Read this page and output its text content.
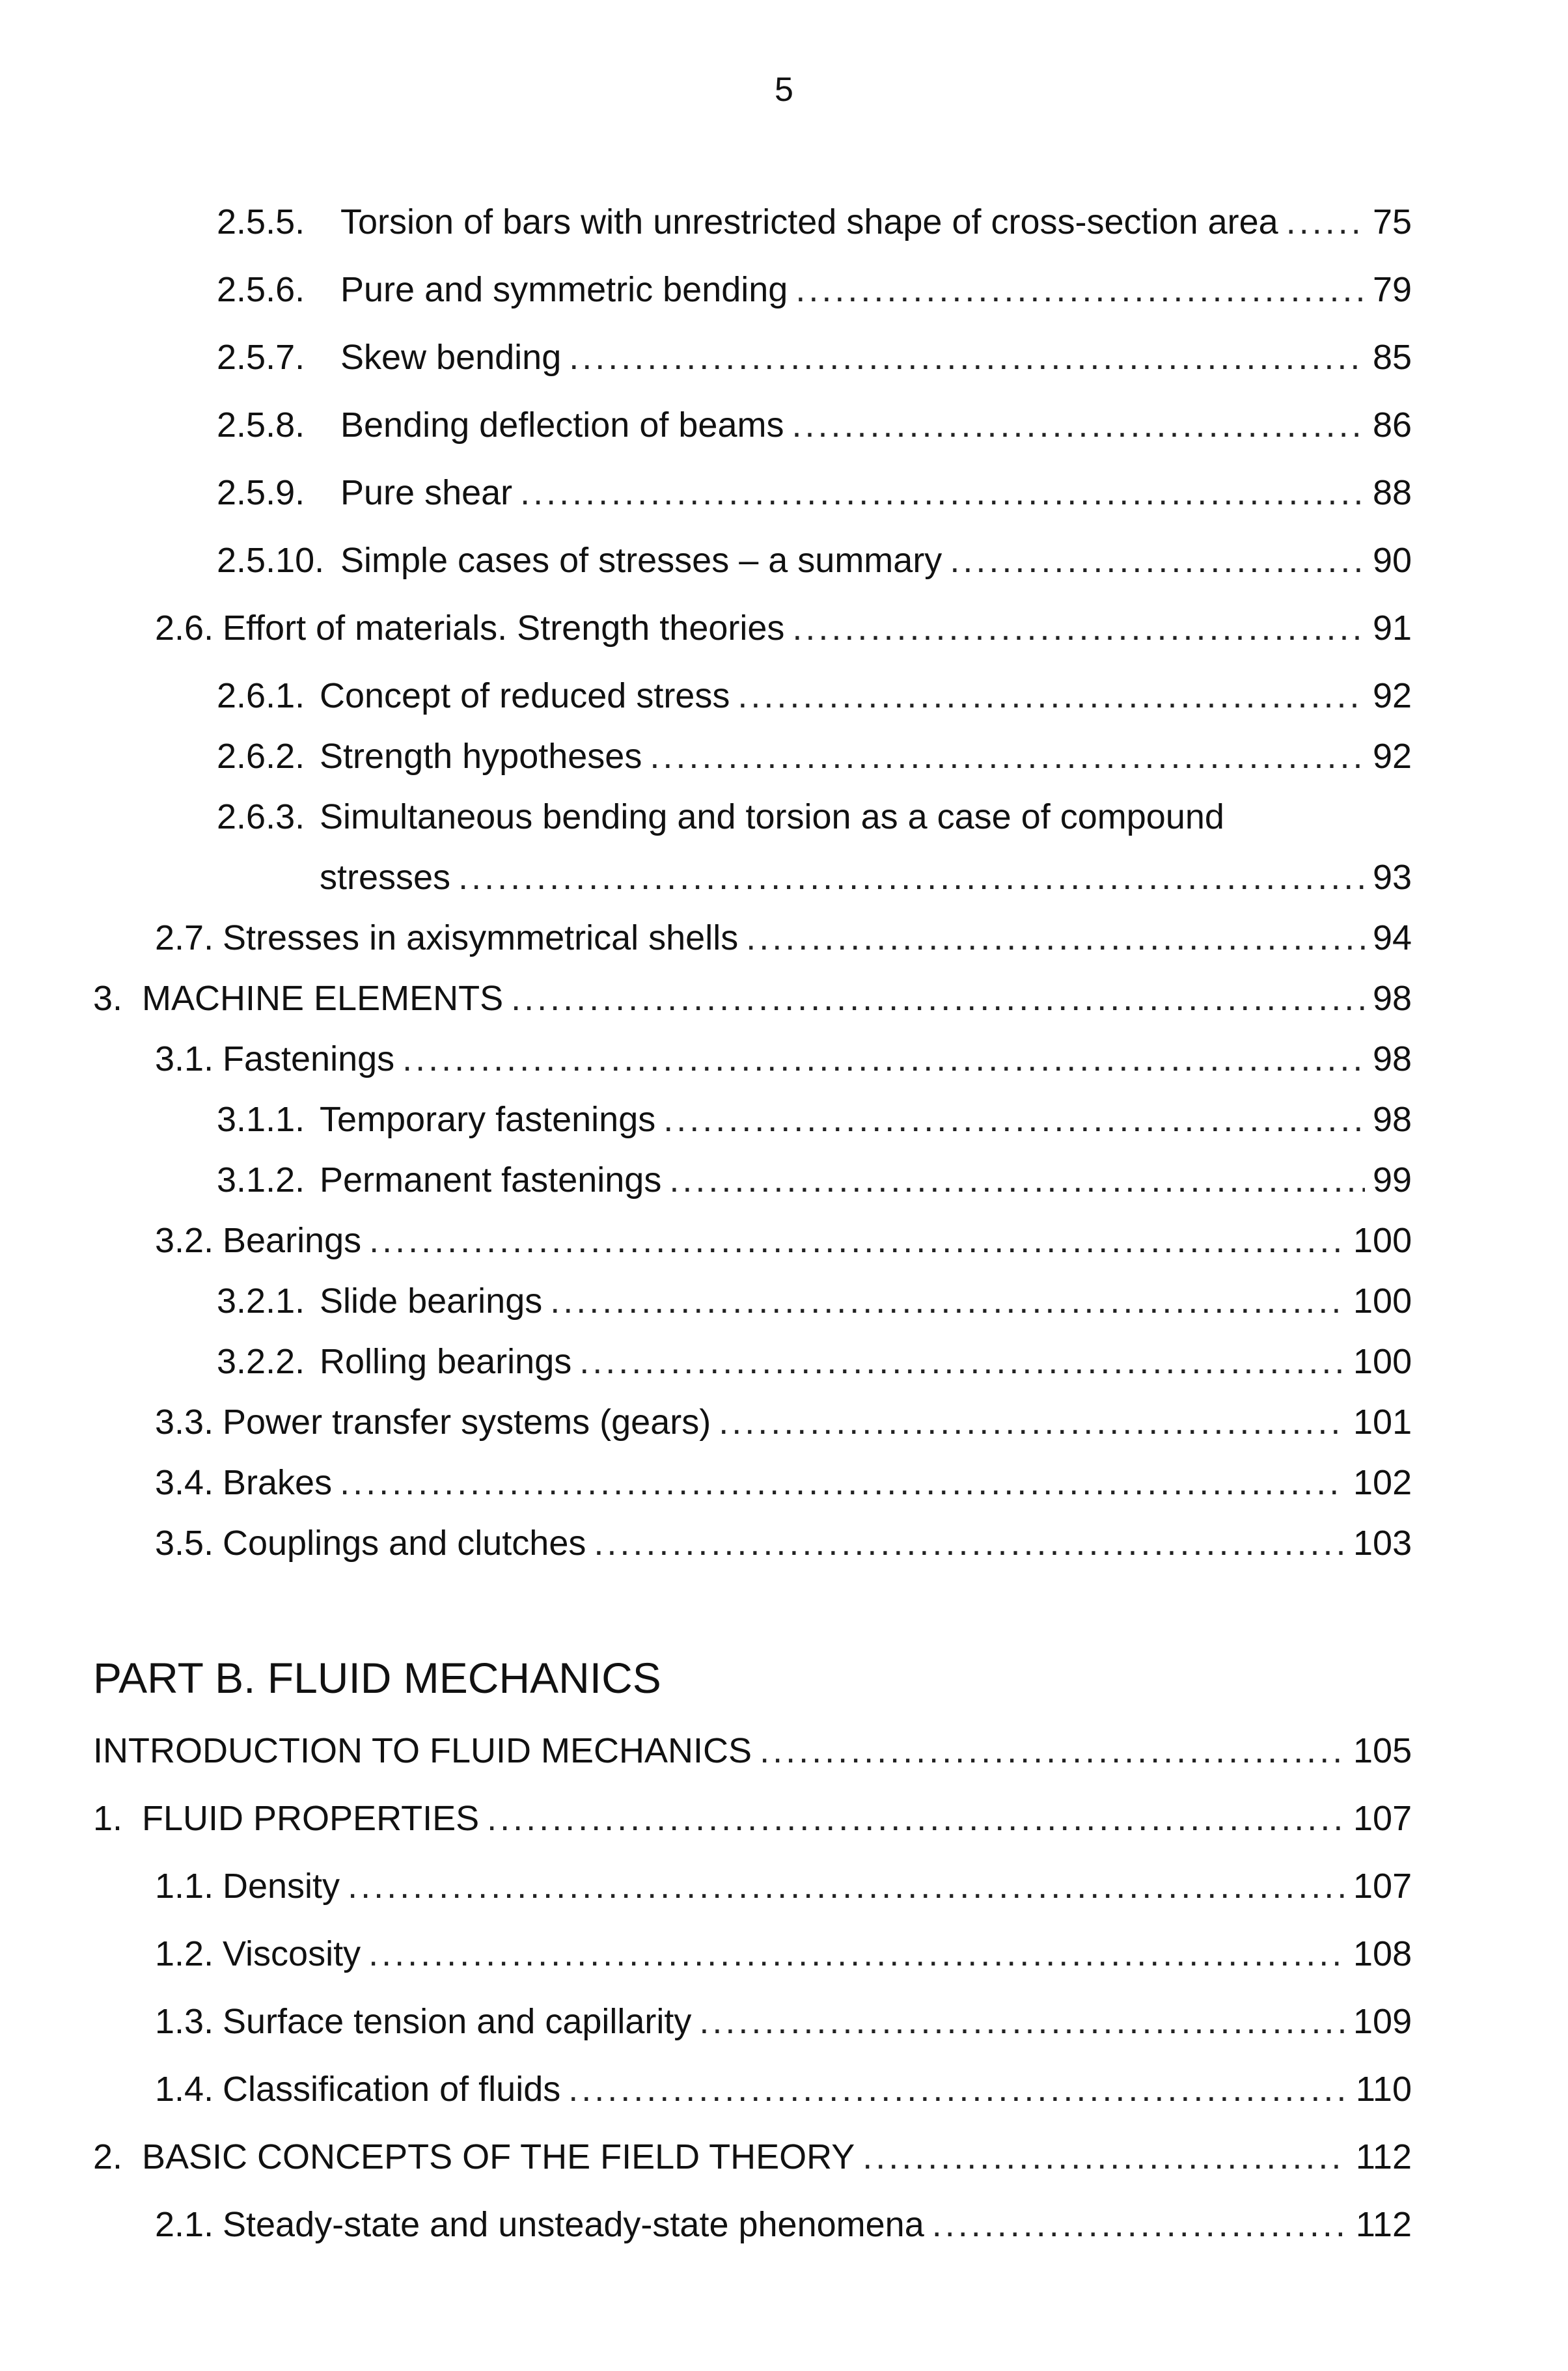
5
2.5.5.	Torsion of bars with unrestricted shape of cross-section area .....	75
2.5.6.	Pure and symmetric bending .....	79
2.5.7.	Skew bending .....	85
2.5.8.	Bending deflection of beams .....	86
2.5.9.	Pure shear .....	88
2.5.10. Simple cases of stresses – a summary .....	90
2.6. Effort of materials. Strength theories .....	91
2.6.1. Concept of reduced stress .....	92
2.6.2. Strength hypotheses .....	92
2.6.3. Simultaneous bending and torsion as a case of compound
stresses .....	93
2.7. Stresses in axisymmetrical shells .....	94
3. MACHINE ELEMENTS .....	98
3.1. Fastenings .....	98
3.1.1. Temporary fastenings .....	98
3.1.2. Permanent fastenings .....	99
3.2. Bearings .....	100
3.2.1. Slide bearings .....	100
3.2.2. Rolling bearings .....	100
3.3. Power transfer systems (gears) .....	101
3.4. Brakes .....	102
3.5. Couplings and clutches .....	103
PART B. FLUID MECHANICS
INTRODUCTION TO FLUID MECHANICS .....	105
1. FLUID PROPERTIES .....	107
1.1. Density .....	107
1.2. Viscosity .....	108
1.3. Surface tension and capillarity .....	109
1.4. Classification of fluids .....	110
2. BASIC CONCEPTS OF THE FIELD THEORY .....	112
2.1. Steady-state and unsteady-state phenomena .....	112
